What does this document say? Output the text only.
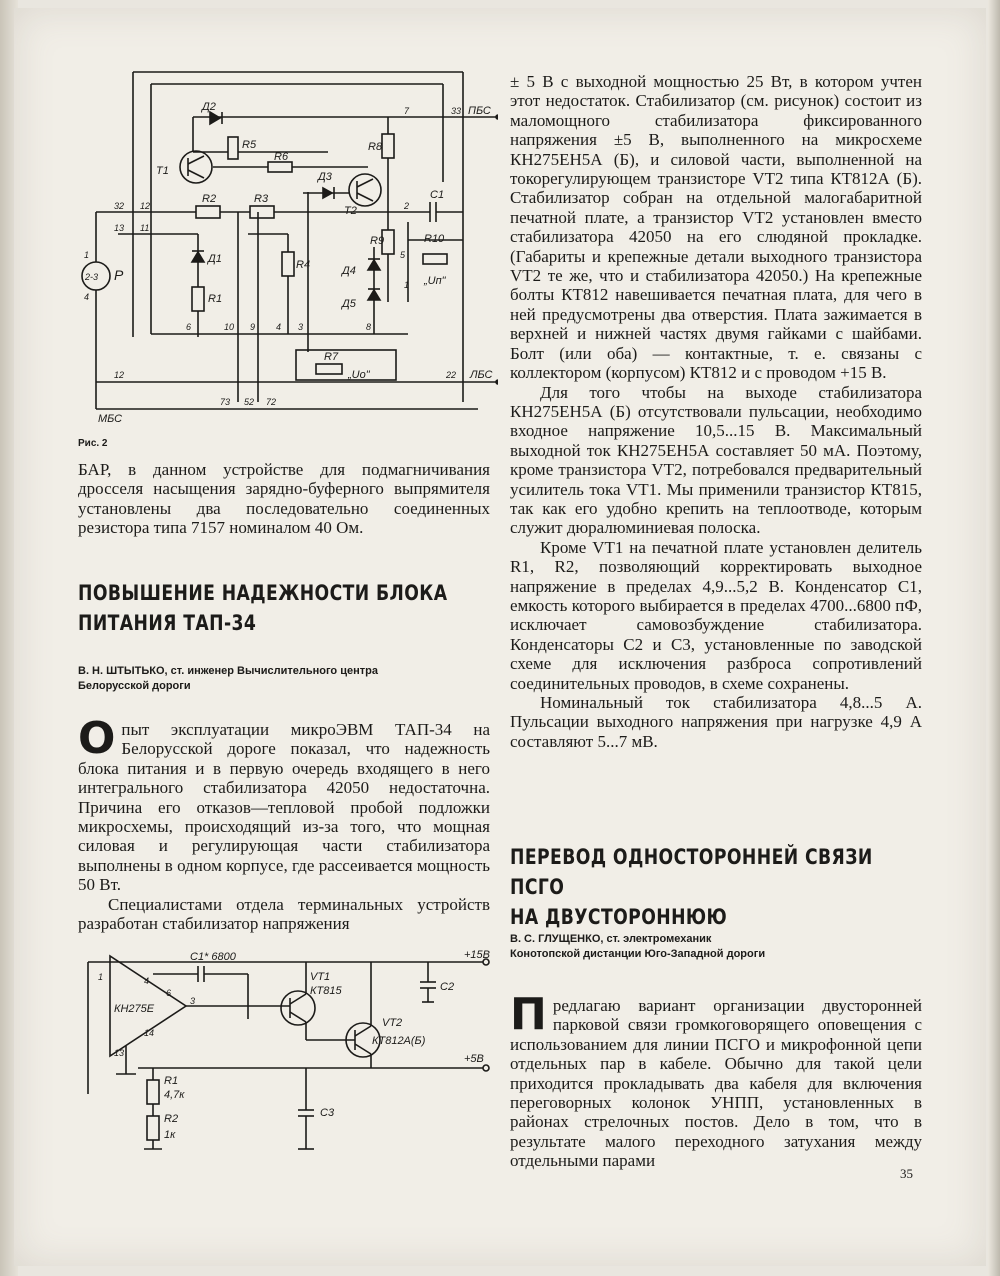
Д2
R5
R6
R8
T1	Д3
T2
R2	R3	C1
R9	R10
„Uп"
Д1	R4	Д4
Д5
R1
R7
„Uо"
ПБС
ЛБС
МБС
Р
2-3
33
7
32 12
13 11
2
5
1
6	10 9 4 3	8
12	22
73 52 72
1
4
Рис. 2

БАР, в данном устройстве для подмагничивания дросселя насыщения зарядно-буферного выпрямителя установлены два последовательно соединенных резистора типа 7157 номиналом 40 Ом.

ПОВЫШЕНИЕ НАДЕЖНОСТИ БЛОКА
ПИТАНИЯ ТАП-34
В. Н. ШТЫТЬКО, ст. инженер Вычислительного центра
Белорусской дороги

Опыт эксплуатации микроЭВМ ТАП-34 на Белорусской дороге показал, что надежность блока питания и в первую очередь входящего в него интегрального стабилизатора 42050 недостаточна. Причина его отказов—тепловой пробой подложки микросхемы, происходящий из-за того, что мощная силовая и регулирующая части стабилизатора выполнены в одном корпусе, где рассеивается мощность 50 Вт.

Специалистами отдела терминальных устройств разработан стабилизатор напряжения

КН275Е
C1* 6800
VT1
КТ815	C2
+15В
VT2
КТ812А(Б)
+5В
R1
4,7к
R2
1к
C3
1	4
6
3
14
13

± 5 В с выходной мощностью 25 Вт, в котором учтен этот недостаток. Стабилизатор (см. рисунок) состоит из маломощного стабилизатора фиксированного напряжения ±5 В, выполненного на микросхеме КН275ЕН5А (Б), и силовой части, выполненной на токорегулирующем транзисторе VT2 типа КТ812А (Б). Стабилизатор собран на отдельной малогабаритной печатной плате, а транзистор VT2 установлен вместо стабилизатора 42050 на его слюдяной прокладке. (Габариты и крепежные детали выходного транзистора VT2 те же, что и стабилизатора 42050.) На крепежные болты КТ812 навешивается печатная плата, для чего в ней предусмотрены два отверстия. Плата зажимается в верхней и нижней частях двумя гайками с шайбами. Болт (или оба) — контактные, т. е. связаны с коллектором (корпусом) КТ812 и с проводом +15 В.

Для того чтобы на выходе стабилизатора КН275ЕН5А (Б) отсутствовали пульсации, необходимо входное напряжение 10,5...15 В. Максимальный выходной ток КН275ЕН5А составляет 50 мА. Поэтому, кроме транзистора VT2, потребовался предварительный усилитель тока VT1. Мы применили транзистор КТ815, так как его удобно крепить на теплоотводе, которым служит дюралюминиевая полоска.

Кроме VT1 на печатной плате установлен делитель R1, R2, позволяющий корректировать выходное напряжение в пределах 4,9...5,2 В. Конденсатор C1, емкость которого выбирается в пределах 4700...6800 пФ, исключает самовозбуждение стабилизатора. Конденсаторы C2 и C3, установленные по заводской схеме для исключения разброса сопротивлений соединительных проводов, в схеме сохранены.

Номинальный ток стабилизатора 4,8...5 А. Пульсации выходного напряжения при нагрузке 4,9 А составляют 5...7 мВ.

ПЕРЕВОД ОДНОСТОРОННЕЙ СВЯЗИ ПСГО
НА ДВУСТОРОННЮЮ
В. С. ГЛУЩЕНКО, ст. электромеханик
Конотопской дистанции Юго-Западной дороги

Предлагаю вариант организации двусторонней парковой связи громкоговорящего оповещения с использованием для линии ПСГО и микрофонной цепи отдельных пар в кабеле. Обычно для такой цели приходится прокладывать два кабеля для включения переговорных колонок УНПП, установленных в районах стрелочных постов. Дело в том, что в результате малого переходного затухания между отдельными парами

35
